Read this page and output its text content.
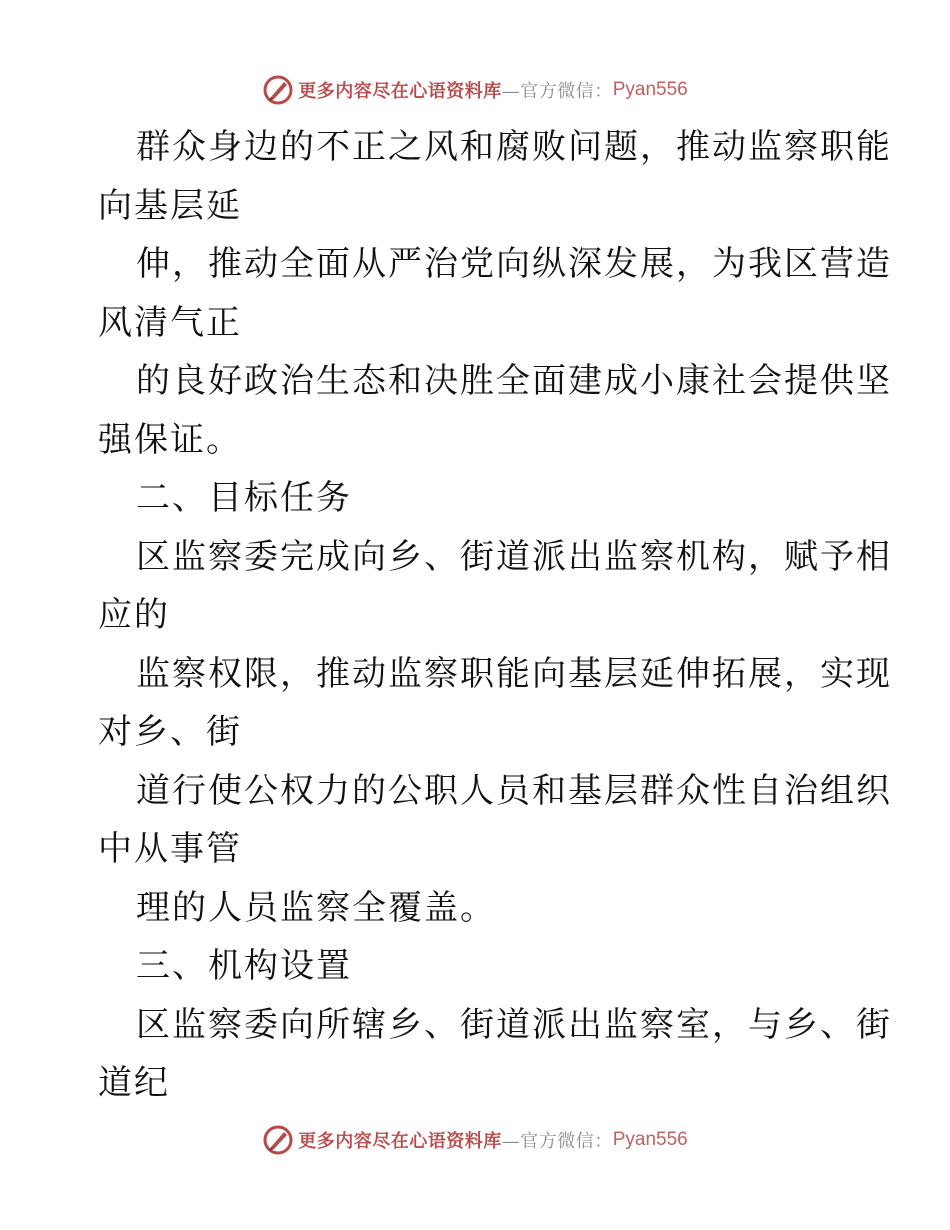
更多内容尽在心语资料库 —官方微信： Pyan556
群众身边的不正之风和腐败问题，推动监察职能
向基层延
伸，推动全面从严治党向纵深发展，为我区营造
风清气正
的良好政治生态和决胜全面建成小康社会提供坚
强保证。
二、目标任务
区监察委完成向乡、街道派出监察机构，赋予相
应的
监察权限，推动监察职能向基层延伸拓展，实现
对乡、街
道行使公权力的公职人员和基层群众性自治组织
中从事管
理的人员监察全覆盖。
三、机构设置
区监察委向所辖乡、街道派出监察室，与乡、街
道纪
更多内容尽在心语资料库 —官方微信： Pyan556
